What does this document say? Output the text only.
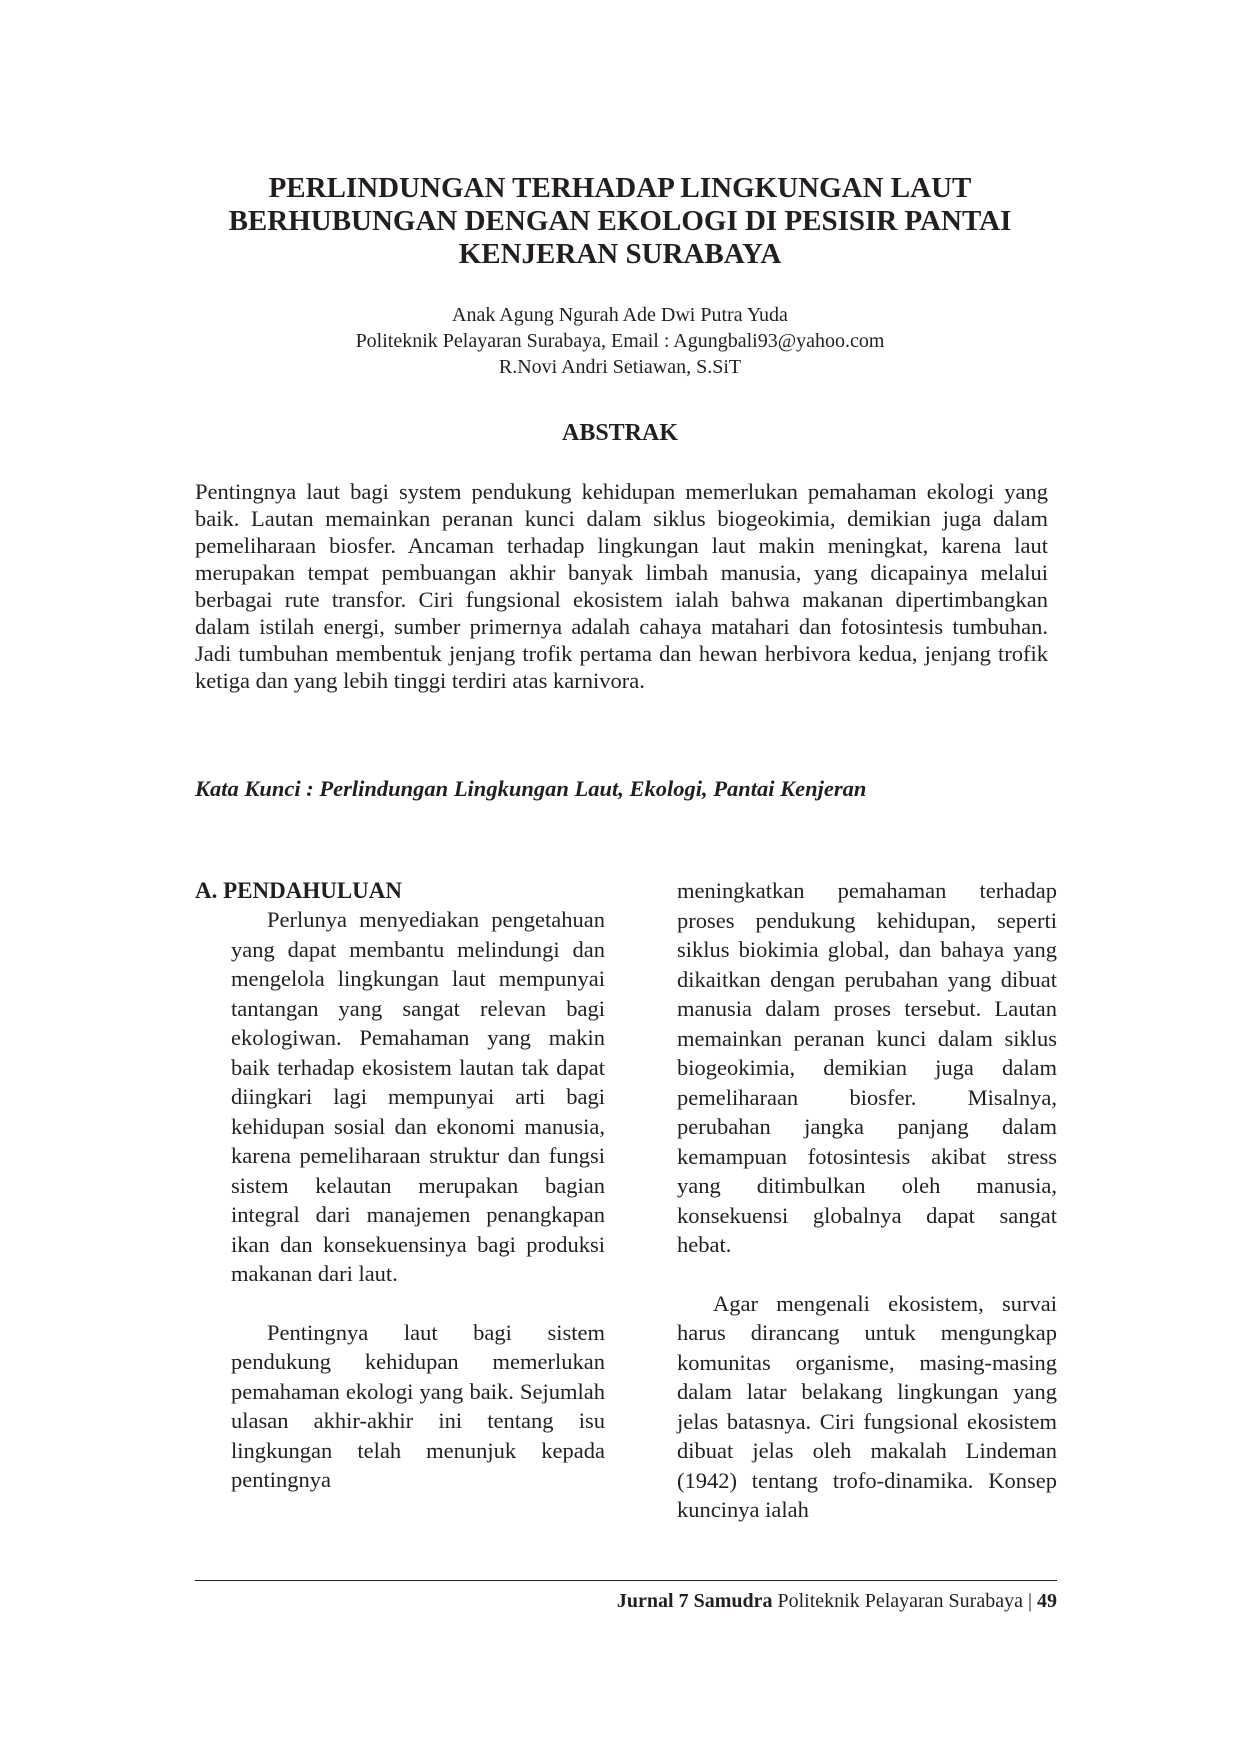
PERLINDUNGAN TERHADAP LINGKUNGAN LAUT
BERHUBUNGAN DENGAN EKOLOGI DI PESISIR PANTAI
KENJERAN SURABAYA
Anak Agung Ngurah Ade Dwi Putra Yuda
Politeknik Pelayaran Surabaya, Email : Agungbali93@yahoo.com
R.Novi Andri Setiawan, S.SiT
ABSTRAK

Pentingnya laut bagi system pendukung kehidupan memerlukan pemahaman ekologi yang baik. Lautan memainkan peranan kunci dalam siklus biogeokimia, demikian juga dalam pemeliharaan biosfer. Ancaman terhadap lingkungan laut makin meningkat, karena laut merupakan tempat pembuangan akhir banyak limbah manusia, yang dicapainya melalui berbagai rute transfor. Ciri fungsional ekosistem ialah bahwa makanan dipertimbangkan dalam istilah energi, sumber primernya adalah cahaya matahari dan fotosintesis tumbuhan. Jadi tumbuhan membentuk jenjang trofik pertama dan hewan herbivora kedua, jenjang trofik ketiga dan yang lebih tinggi terdiri atas karnivora.

Kata Kunci : Perlindungan Lingkungan Laut, Ekologi, Pantai Kenjeran
A. PENDAHULUAN

Perlunya menyediakan pengetahuan yang dapat membantu melindungi dan mengelola lingkungan laut mempunyai tantangan yang sangat relevan bagi ekologiwan. Pemahaman yang makin baik terhadap ekosistem lautan tak dapat diingkari lagi mempunyai arti bagi kehidupan sosial dan ekonomi manusia, karena pemeliharaan struktur dan fungsi sistem kelautan merupakan bagian integral dari manajemen penangkapan ikan dan konsekuensinya bagi produksi makanan dari laut.

Pentingnya laut bagi sistem pendukung kehidupan memerlukan pemahaman ekologi yang baik. Sejumlah ulasan akhir-akhir ini tentang isu lingkungan telah menunjuk kepada pentingnya

meningkatkan pemahaman terhadap proses pendukung kehidupan, seperti siklus biokimia global, dan bahaya yang dikaitkan dengan perubahan yang dibuat manusia dalam proses tersebut. Lautan memainkan peranan kunci dalam siklus biogeokimia, demikian juga dalam pemeliharaan biosfer. Misalnya, perubahan jangka panjang dalam kemampuan fotosintesis akibat stress yang ditimbulkan oleh manusia, konsekuensi globalnya dapat sangat hebat.

Agar mengenali ekosistem, survai harus dirancang untuk mengungkap komunitas organisme, masing-masing dalam latar belakang lingkungan yang jelas batasnya. Ciri fungsional ekosistem dibuat jelas oleh makalah Lindeman (1942) tentang trofo-dinamika. Konsep kuncinya ialah

Jurnal 7 Samudra Politeknik Pelayaran Surabaya | 49
